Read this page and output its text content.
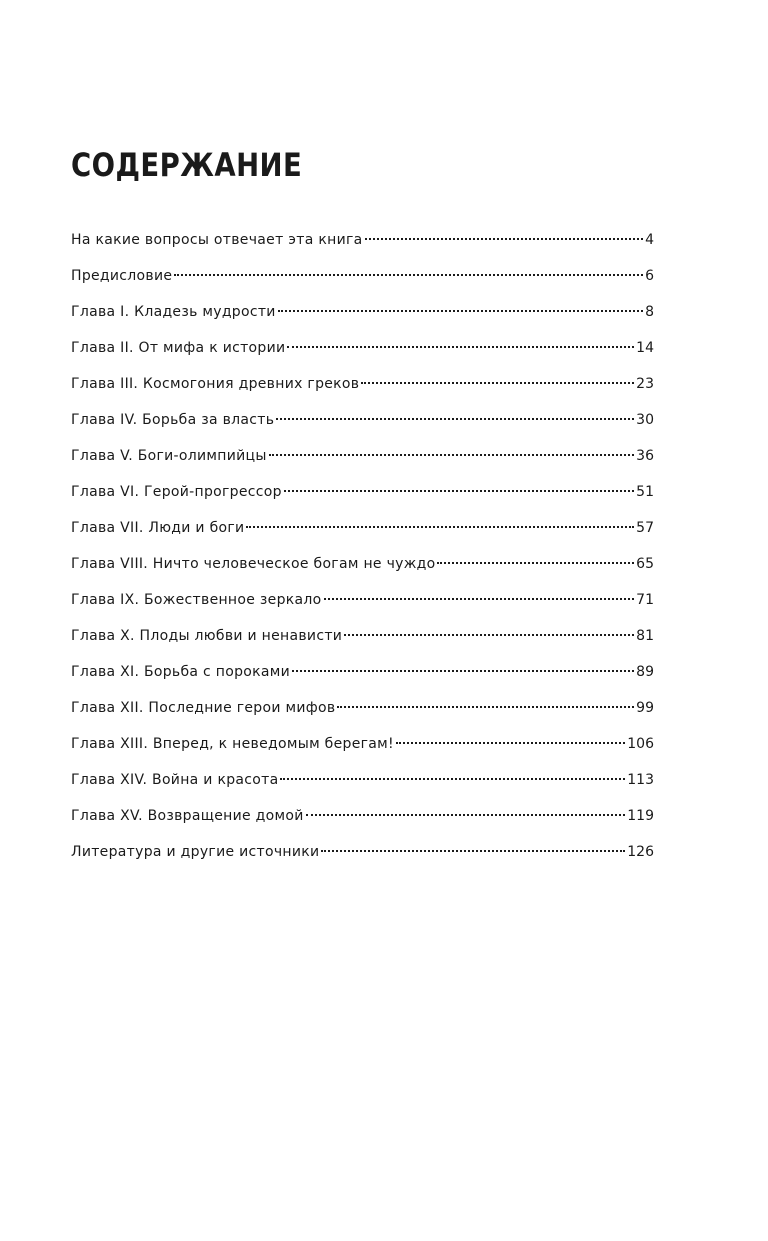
СОДЕРЖАНИЕ
На какие вопросы отвечает эта книга	4
Предисловие	6
Глава I. Кладезь мудрости	8
Глава II. От мифа к истории	14
Глава III. Космогония древних греков	23
Глава IV. Борьба за власть	30
Глава V. Боги-олимпийцы	36
Глава VI. Герой-прогрессор	51
Глава VII. Люди и боги	57
Глава VIII. Ничто человеческое богам не чуждо	65
Глава IX. Божественное зеркало	71
Глава X. Плоды любви и ненависти	81
Глава XI. Борьба с пороками	89
Глава XII. Последние герои мифов	99
Глава XIII. Вперед, к неведомым берегам!	106
Глава XIV. Война и красота	113
Глава XV. Возвращение домой	119
Литература и другие источники	126
